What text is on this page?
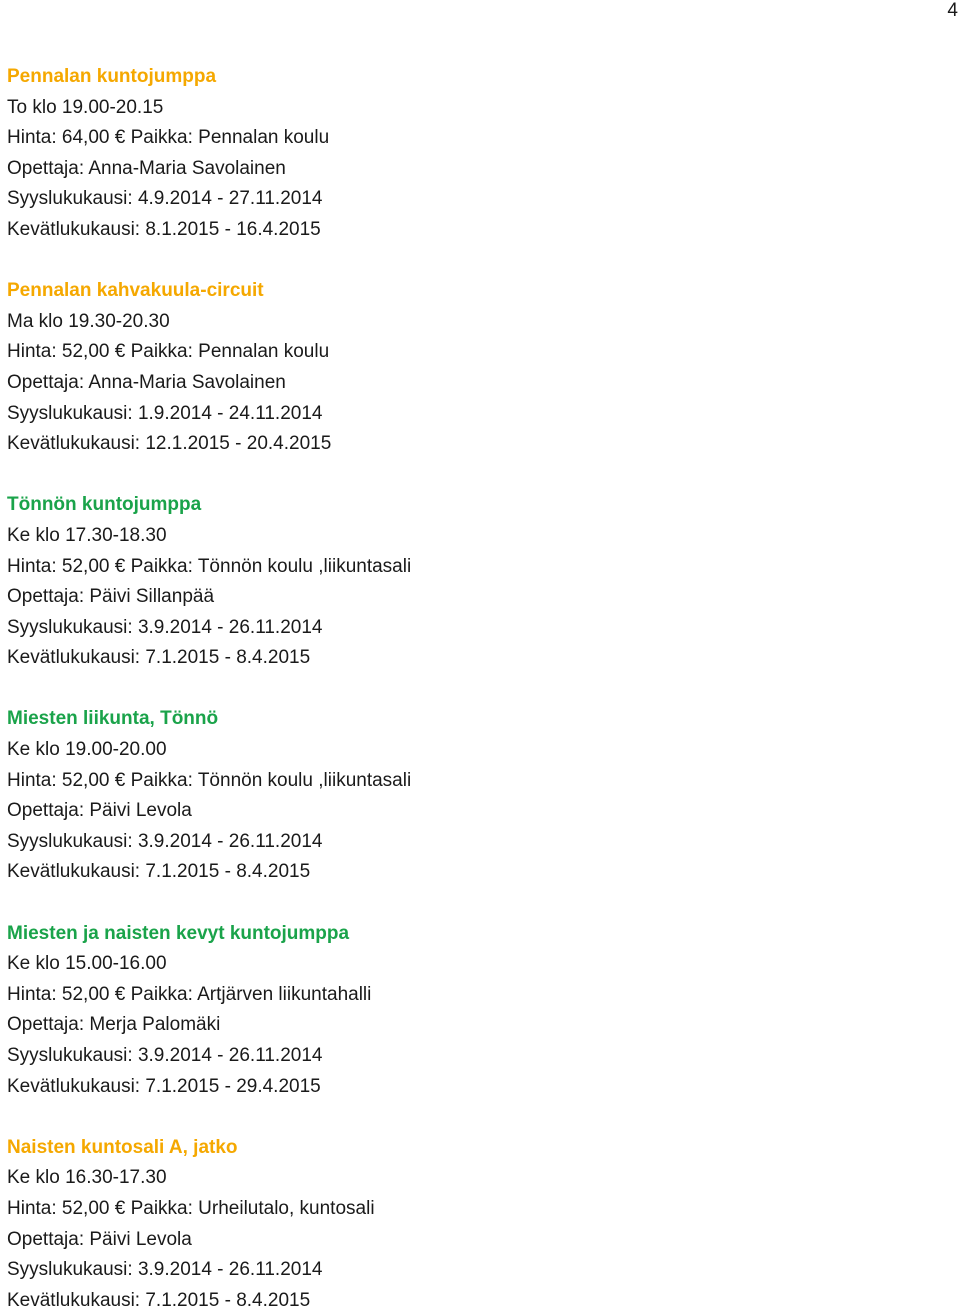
4
Pennalan kuntojumppa
To klo 19.00-20.15
Hinta: 64,00 € Paikka: Pennalan koulu
Opettaja: Anna-Maria Savolainen
Syyslukukausi: 4.9.2014 - 27.11.2014
Kevätlukukausi: 8.1.2015 - 16.4.2015
Pennalan kahvakuula-circuit
Ma klo 19.30-20.30
Hinta: 52,00 € Paikka: Pennalan koulu
Opettaja: Anna-Maria Savolainen
Syyslukukausi: 1.9.2014 - 24.11.2014
Kevätlukukausi: 12.1.2015 - 20.4.2015
Tönnön kuntojumppa
Ke klo 17.30-18.30
Hinta: 52,00 € Paikka: Tönnön koulu ,liikuntasali
Opettaja: Päivi Sillanpää
Syyslukukausi: 3.9.2014 - 26.11.2014
Kevätlukukausi: 7.1.2015 - 8.4.2015
Miesten liikunta, Tönnö
Ke klo 19.00-20.00
Hinta: 52,00 € Paikka: Tönnön koulu ,liikuntasali
Opettaja: Päivi Levola
Syyslukukausi: 3.9.2014 - 26.11.2014
Kevätlukukausi: 7.1.2015 - 8.4.2015
Miesten ja naisten kevyt kuntojumppa
Ke klo 15.00-16.00
Hinta: 52,00 € Paikka: Artjärven liikuntahalli
Opettaja: Merja Palomäki
Syyslukukausi: 3.9.2014 - 26.11.2014
Kevätlukukausi: 7.1.2015 - 29.4.2015
Naisten kuntosali A, jatko
Ke klo 16.30-17.30
Hinta: 52,00 € Paikka: Urheilutalo, kuntosali
Opettaja: Päivi Levola
Syyslukukausi: 3.9.2014 - 26.11.2014
Kevätlukukausi: 7.1.2015 - 8.4.2015
